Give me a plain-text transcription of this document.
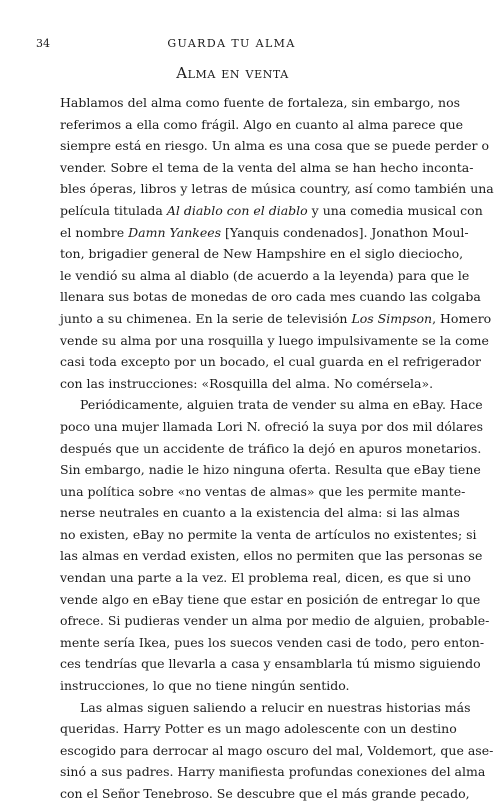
34	GUARDA TU ALMA
Alma en venta
Hablamos del alma como fuente de fortaleza, sin embargo, nos
referimos a ella como frágil. Algo en cuanto al alma parece que
siempre está en riesgo. Un alma es una cosa que se puede perder o
vender. Sobre el tema de la venta del alma se han hecho inconta-
bles óperas, libros y letras de música country, así como también una
película titulada Al diablo con el diablo y una comedia musical con
el nombre Damn Yankees [Yanquis condenados]. Jonathon Moul-
ton, brigadier general de New Hampshire en el siglo dieciocho,
le vendió su alma al diablo (de acuerdo a la leyenda) para que le
llenara sus botas de monedas de oro cada mes cuando las colgaba
junto a su chimenea. En la serie de televisión Los Simpson, Homero
vende su alma por una rosquilla y luego impulsivamente se la come
casi toda excepto por un bocado, el cual guarda en el refrigerador
con las instrucciones: «Rosquilla del alma. No comérsela».
Periódicamente, alguien trata de vender su alma en eBay. Hace
poco una mujer llamada Lori N. ofreció la suya por dos mil dólares
después que un accidente de tráfico la dejó en apuros monetarios.
Sin embargo, nadie le hizo ninguna oferta. Resulta que eBay tiene
una política sobre «no ventas de almas» que les permite mante-
nerse neutrales en cuanto a la existencia del alma: si las almas
no existen, eBay no permite la venta de artículos no existentes; si
las almas en verdad existen, ellos no permiten que las personas se
vendan una parte a la vez. El problema real, dicen, es que si uno
vende algo en eBay tiene que estar en posición de entregar lo que
ofrece. Si pudieras vender un alma por medio de alguien, probable-
mente sería Ikea, pues los suecos venden casi de todo, pero enton-
ces tendrías que llevarla a casa y ensamblarla tú mismo siguiendo
instrucciones, lo que no tiene ningún sentido.
Las almas siguen saliendo a relucir en nuestras historias más
queridas. Harry Potter es un mago adolescente con un destino
escogido para derrocar al mago oscuro del mal, Voldemort, que ase-
sinó a sus padres. Harry manifiesta profundas conexiones del alma
con el Señor Tenebroso. Se descubre que el más grande pecado,
